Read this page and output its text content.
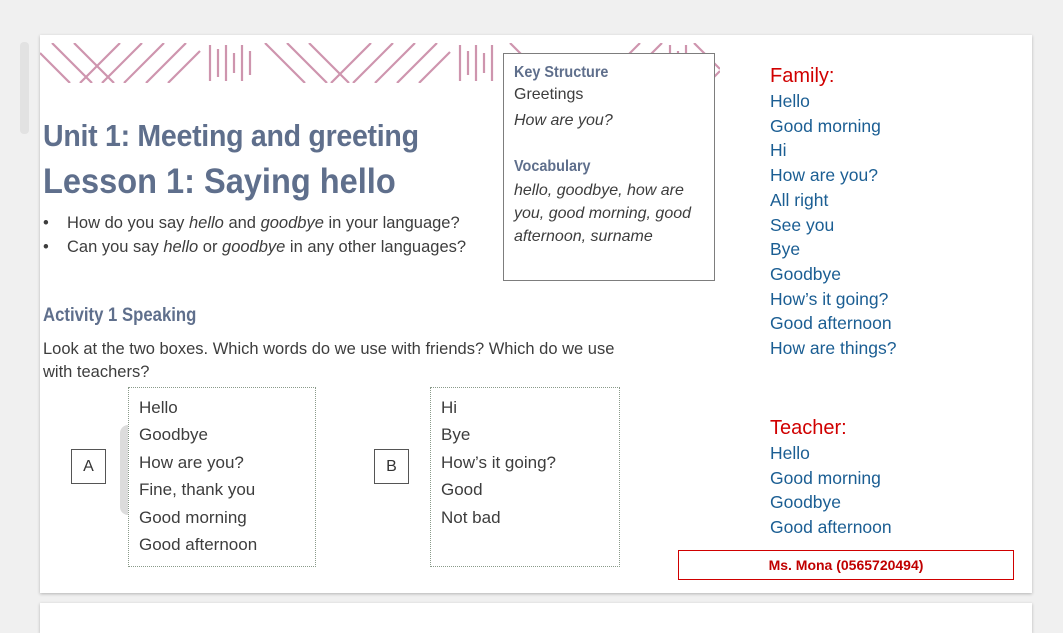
Unit 1: Meeting and greeting
Lesson 1: Saying hello
• How do you say hello and goodbye in your language?
• Can you say hello or goodbye in any other languages?
Key Structure
Greetings
How are you?
Vocabulary
hello, goodbye, how are you, good morning, good afternoon, surname
Activity 1 Speaking

Look at the two boxes. Which words do we use with friends? Which do we use with teachers?

A
Hello
Goodbye
How are you?
Fine, thank you
Good morning
Good afternoon
B
Hi
Bye
How’s it going?
Good
Not bad
Family:
Hello
Good morning
Hi
How are you?
All right
See you
Bye
Goodbye
How’s it going?
Good afternoon
How are things?
Teacher:
Hello
Good morning
Goodbye
Good afternoon
Ms. Mona (0565720494)
